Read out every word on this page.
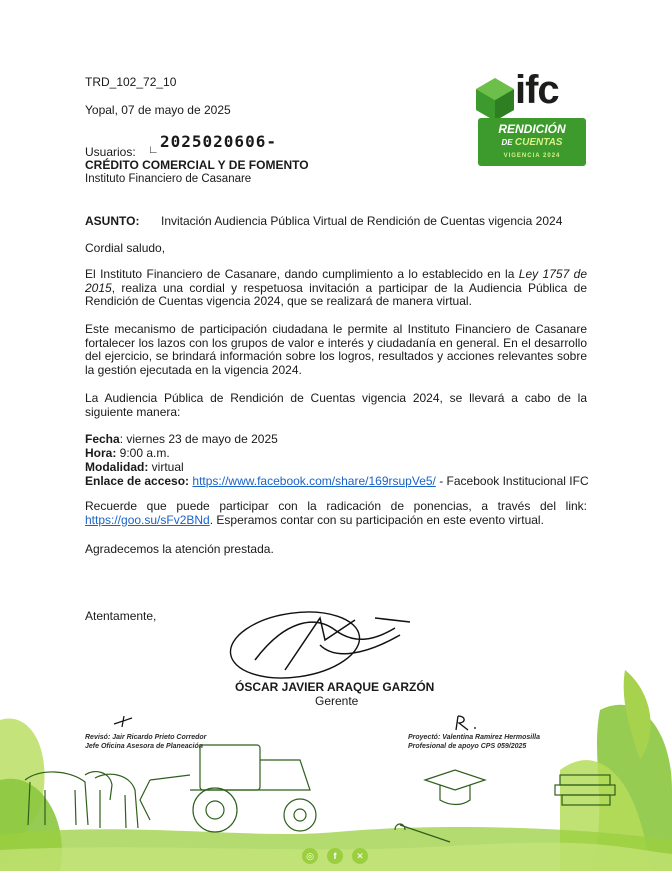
ifc
RENDICIÓN
DE CUENTAS
VIGENCIA 2024
TRD_102_72_10
Yopal, 07 de mayo de 2025
Usuarios: ∟ 2025020606-
CRÉDITO COMERCIAL Y DE FOMENTO
Instituto Financiero de Casanare
ASUNTO: Invitación Audiencia Pública Virtual de Rendición de Cuentas vigencia 2024
Cordial saludo,
El Instituto Financiero de Casanare, dando cumplimiento a lo establecido en la Ley 1757 de 2015, realiza una cordial y respetuosa invitación a participar de la Audiencia Pública de Rendición de Cuentas vigencia 2024, que se realizará de manera virtual.
Este mecanismo de participación ciudadana le permite al Instituto Financiero de Casanare fortalecer los lazos con los grupos de valor e interés y ciudadanía en general. En el desarrollo del ejercicio, se brindará información sobre los logros, resultados y acciones relevantes sobre la gestión ejecutada en la vigencia 2024.
La Audiencia Pública de Rendición de Cuentas vigencia 2024, se llevará a cabo de la siguiente manera:
Fecha: viernes 23 de mayo de 2025
Hora: 9:00 a.m.
Modalidad: virtual
Enlace de acceso: https://www.facebook.com/share/169rsupVe5/ - Facebook Institucional IFC
Recuerde que puede participar con la radicación de ponencias, a través del link: https://goo.su/sFv2BNd. Esperamos contar con su participación en este evento virtual.
Agradecemos la atención prestada.
Atentamente,
ÓSCAR JAVIER ARAQUE GARZÓN
Gerente
Revisó: Jair Ricardo Prieto Corredor
Jefe Oficina Asesora de Planeación
Proyectó: Valentina Ramirez Hermosilla
Profesional de apoyo CPS 059/2025
◎	f	✕
